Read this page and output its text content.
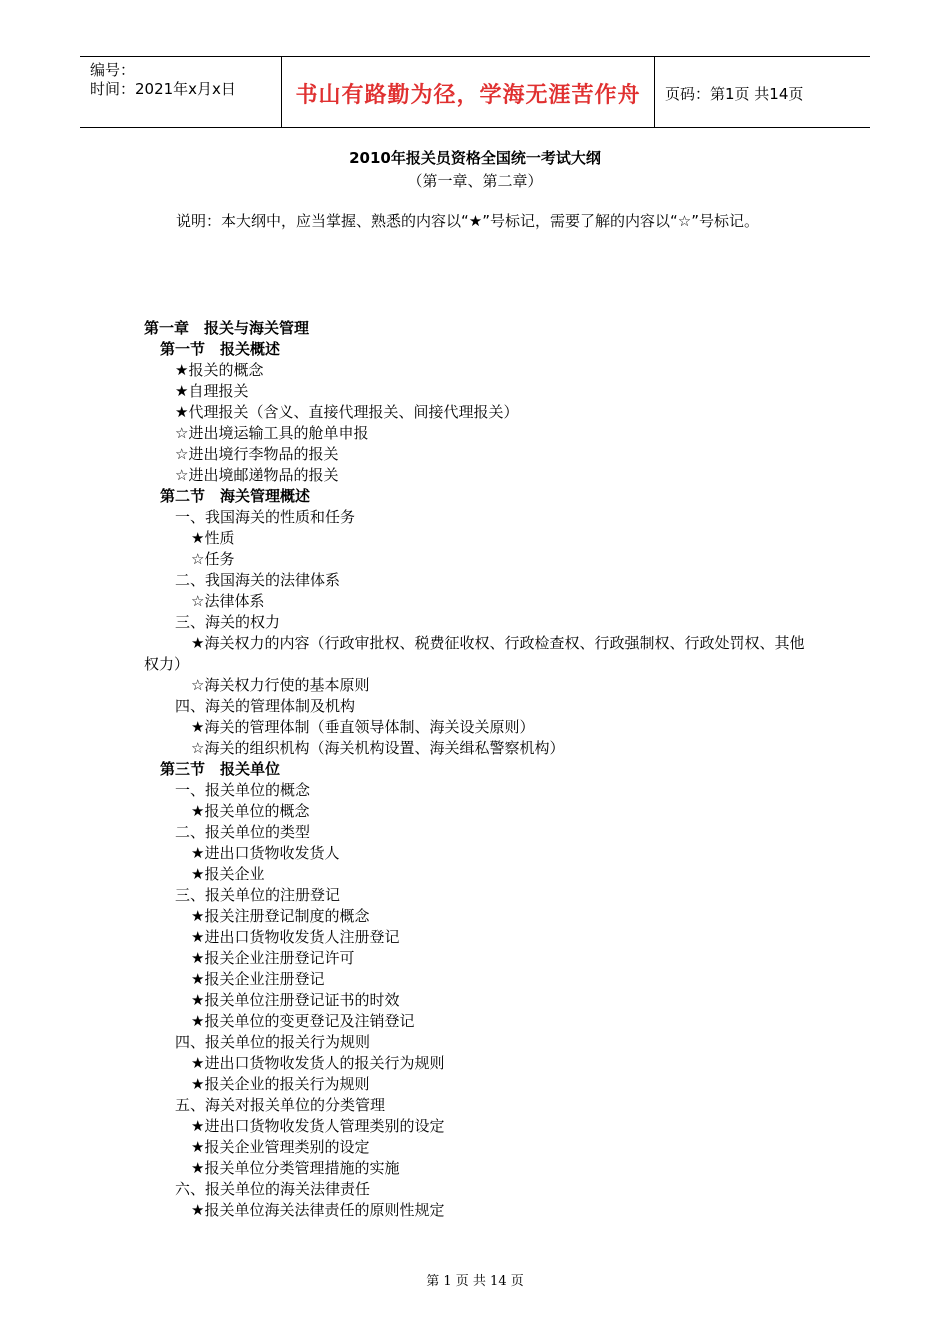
编号：
时间：2021年x月x日	书山有路勤为径，学海无涯苦作舟	页码：第1页 共14页
2010年报关员资格全国统一考试大纲
（第一章、第二章）
说明：本大纲中，应当掌握、熟悉的内容以“★”号标记，需要了解的内容以“☆”号标记。
第一章　报关与海关管理
第一节　报关概述
★报关的概念
★自理报关
★代理报关（含义、直接代理报关、间接代理报关）
☆进出境运输工具的舱单申报
☆进出境行李物品的报关
☆进出境邮递物品的报关
第二节　海关管理概述
一、我国海关的性质和任务
★性质
☆任务
二、我国海关的法律体系
☆法律体系
三、海关的权力
★海关权力的内容（行政审批权、税费征收权、行政检查权、行政强制权、行政处罚权、其他权力）
☆海关权力行使的基本原则
四、海关的管理体制及机构
★海关的管理体制（垂直领导体制、海关设关原则）
☆海关的组织机构（海关机构设置、海关缉私警察机构）
第三节　报关单位
一、报关单位的概念
★报关单位的概念
二、报关单位的类型
★进出口货物收发货人
★报关企业
三、报关单位的注册登记
★报关注册登记制度的概念
★进出口货物收发货人注册登记
★报关企业注册登记许可
★报关企业注册登记
★报关单位注册登记证书的时效
★报关单位的变更登记及注销登记
四、报关单位的报关行为规则
★进出口货物收发货人的报关行为规则
★报关企业的报关行为规则
五、海关对报关单位的分类管理
★进出口货物收发货人管理类别的设定
★报关企业管理类别的设定
★报关单位分类管理措施的实施
六、报关单位的海关法律责任
★报关单位海关法律责任的原则性规定
第 1 页 共 14 页
